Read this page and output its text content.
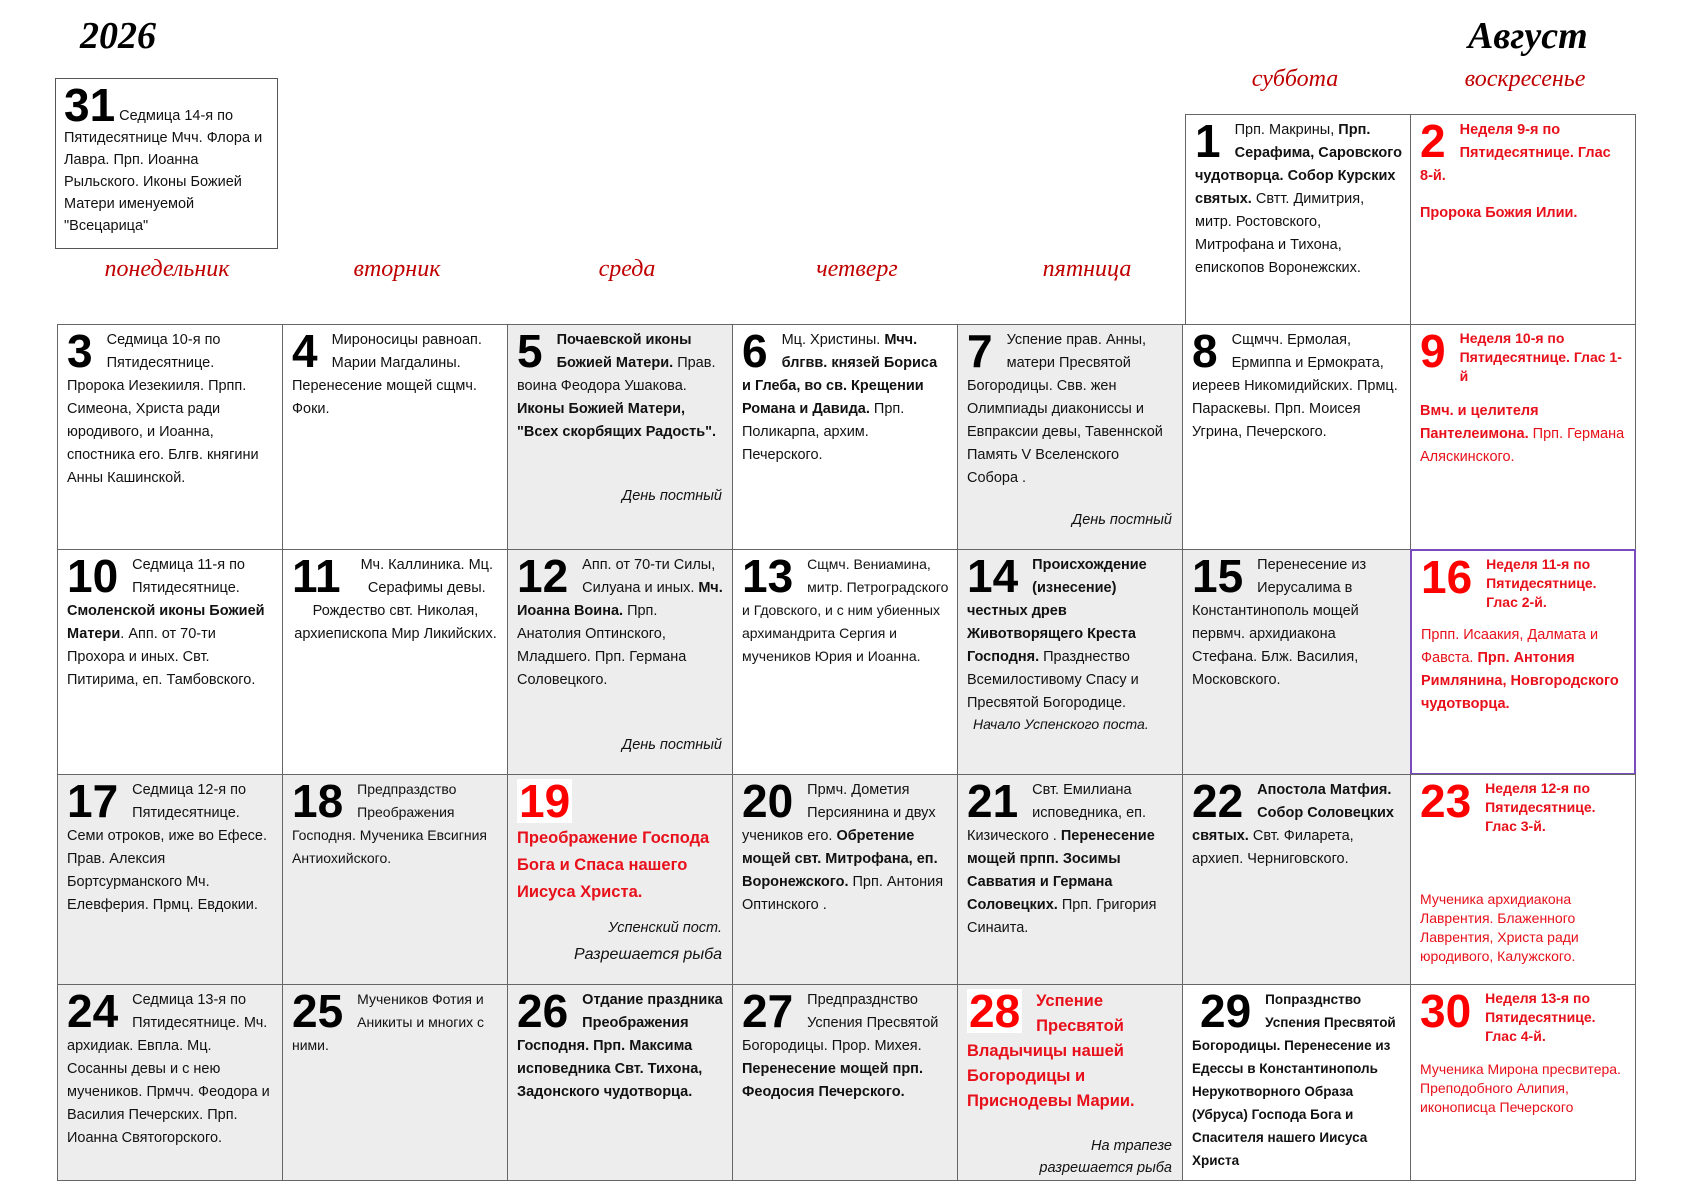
2026	Август
31 Седмица 14-я по Пятидесятнице Мчч. Флора и Лавра. Прп. Иоанна Рыльского. Иконы Божией Матери именуемой "Всецарица"
понедельник	вторник	среда	четверг	пятница
суббота	воскресенье
1 Прп. Макрины, Прп. Серафима, Саровского чудотворца. Собор Курских святых. Свтт. Димитрия, митр. Ростовского, Митрофана и Тихона, епископов Воронежских.
2 Неделя 9-я по Пятидесятнице. Глас 8-й.
Пророка Божия Илии.
3 Седмица 10-я по Пятидесятнице. Пророка Иезекииля. Прпп. Симеона, Христа ради юродивого, и Иоанна, спостника его. Блгв. княгини Анны Кашинской.
4 Мироносицы равноап. Марии Магдалины. Перенесение мощей сщмч. Фоки.
5 Почаевской иконы Божией Матери. Прав. воина Феодора Ушакова. Иконы Божией Матери, "Всех скорбящих Радость".
День постный
6 Мц. Христины. Мчч. блгвв. князей Бориса и Глеба, во св. Крещении Романа и Давида. Прп. Поликарпа, архим. Печерского.
7 Успение прав. Анны, матери Пресвятой Богородицы. Свв. жен Олимпиады диакониссы и Евпраксии девы, Тавеннской Память V Вселенского Собора .
День постный
8 Сщмчч. Ермолая, Ермиппа и Ермократа, иереев Никомидийских. Прмц. Параскевы. Прп. Моисея Угрина, Печерского.
9	Неделя 10-я по Пятидесятнице. Глас 1-й
Вмч. и целителя Пантелеимона. Прп. Германа Аляскинского.
10 Седмица 11-я по Пятидесятнице. Смоленской иконы Божией Матери. Апп. от 70-ти Прохора и иных. Свт. Питирима, еп. Тамбовского.
11 Мч. Каллиника. Мц. Серафимы девы. Рождество свт. Николая, архиепископа Мир Ликийских.
12 Апп. от 70-ти Силы, Силуана и иных. Мч. Иоанна Воина. Прп. Анатолия Оптинского, Младшего. Прп. Германа Соловецкого.
День постный
13 Сщмч. Вениамина, митр. Петроградского и Гдовского, и с ним убиенных архимандрита Сергия и мучеников Юрия и Иоанна.
14 Происхождение (изнесение) честных древ Животворящего Креста Господня. Празднество Всемилостивому Спасу и Пресвятой Богородице.
Начало Успенского поста.
15 Перенесение из Иерусалима в Константинополь мощей первмч. архидиакона Стефана. Блж. Василия, Московского.
16	Неделя 11-я по Пятидесятнице. Глас 2-й.
Прпп. Исаакия, Далмата и Фавста. Прп. Антония Римлянина, Новгородского чудотворца.
17 Седмица 12-я по Пятидесятнице. Семи отроков, иже во Ефесе. Прав. Алексия Бортсурманского Мч. Елевферия. Прмц. Евдокии.
18 Предпраздство Преображения Господня. Мученика Евсигния Антиохийского.
19
Преображение Господа Бога и Спаса нашего Иисуса Христа.
Успенский пост.
Разрешается рыба
20 Прмч. Дометия Персиянина и двух учеников его. Обретение мощей свт. Митрофана, еп. Воронежского. Прп. Антония Оптинского .
21 Свт. Емилиана исповедника, еп. Кизического . Перенесение мощей прпп. Зосимы Савватия и Германа Соловецких. Прп. Григория Синаита.
22 Апостола Матфия. Собор Соловецких святых. Свт. Филарета, архиеп. Черниговского.
23	Неделя 12-я по Пятидесятнице. Глас 3-й.
Мученика архидиакона Лаврентия. Блаженного Лаврентия, Христа ради юродивого, Калужского.
24 Седмица 13-я по Пятидесятнице. Мч. архидиак. Евпла. Мц. Сосанны девы и с нею мучеников. Прмчч. Феодора и Василия Печерских. Прп. Иоанна Святогорского.
25 Мучеников Фотия и Аникиты и многих с ними.
26 Отдание праздника Преображения Господня. Прп. Максима исповедника Свт. Тихона, Задонского чудотворца.
27 Предпразднство Успения Пресвятой Богородицы. Прор. Михея. Перенесение мощей прп. Феодосия Печерского.
28 Успение Пресвятой Владычицы нашей Богородицы и Приснодевы Марии.
На трапезе
разрешается рыба
29 Попразднство Успения Пресвятой Богородицы. Перенесение из Едессы в Константинополь Нерукотворного Образа (Убруса) Господа Бога и Спасителя нашего Иисуса Христа
30	Неделя 13-я по Пятидесятнице. Глас 4-й.
Мученика Мирона пресвитера. Преподобного Алипия, иконописца Печерского
